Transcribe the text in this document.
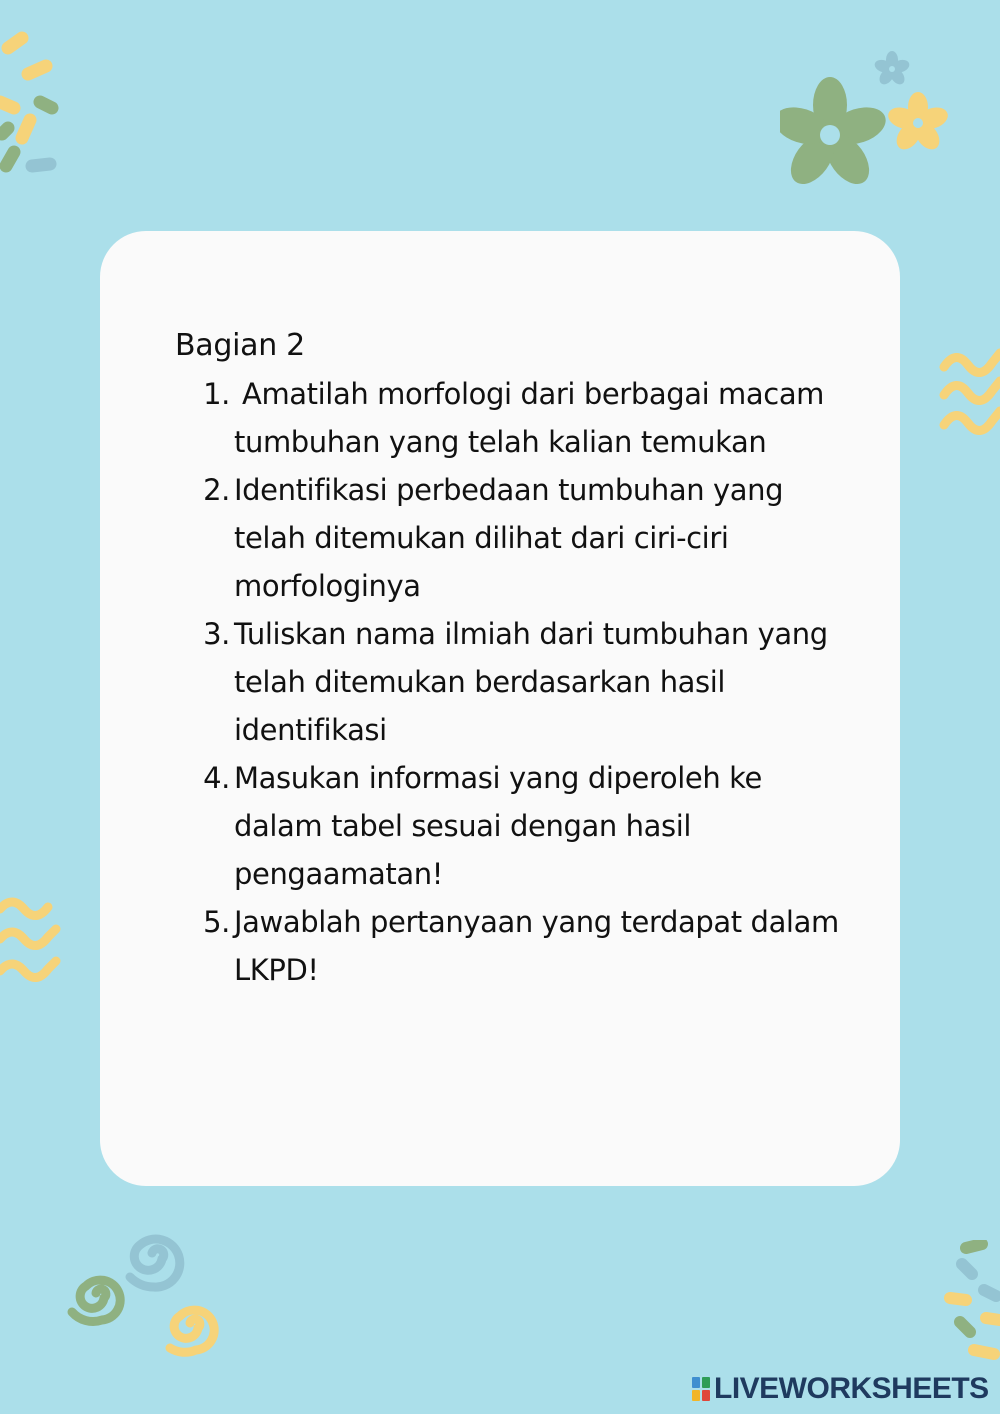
Bagian 2
1. Amatilah morfologi dari berbagai macam tumbuhan yang telah kalian temukan
2. Identifikasi perbedaan tumbuhan yang telah ditemukan dilihat dari ciri-ciri morfologinya
3. Tuliskan nama ilmiah dari tumbuhan yang telah ditemukan berdasarkan hasil identifikasi
4. Masukan informasi yang diperoleh ke dalam tabel sesuai dengan hasil pengaamatan!
5. Jawablah pertanyaan yang terdapat dalam LKPD!
LIVEWORKSHEETS
